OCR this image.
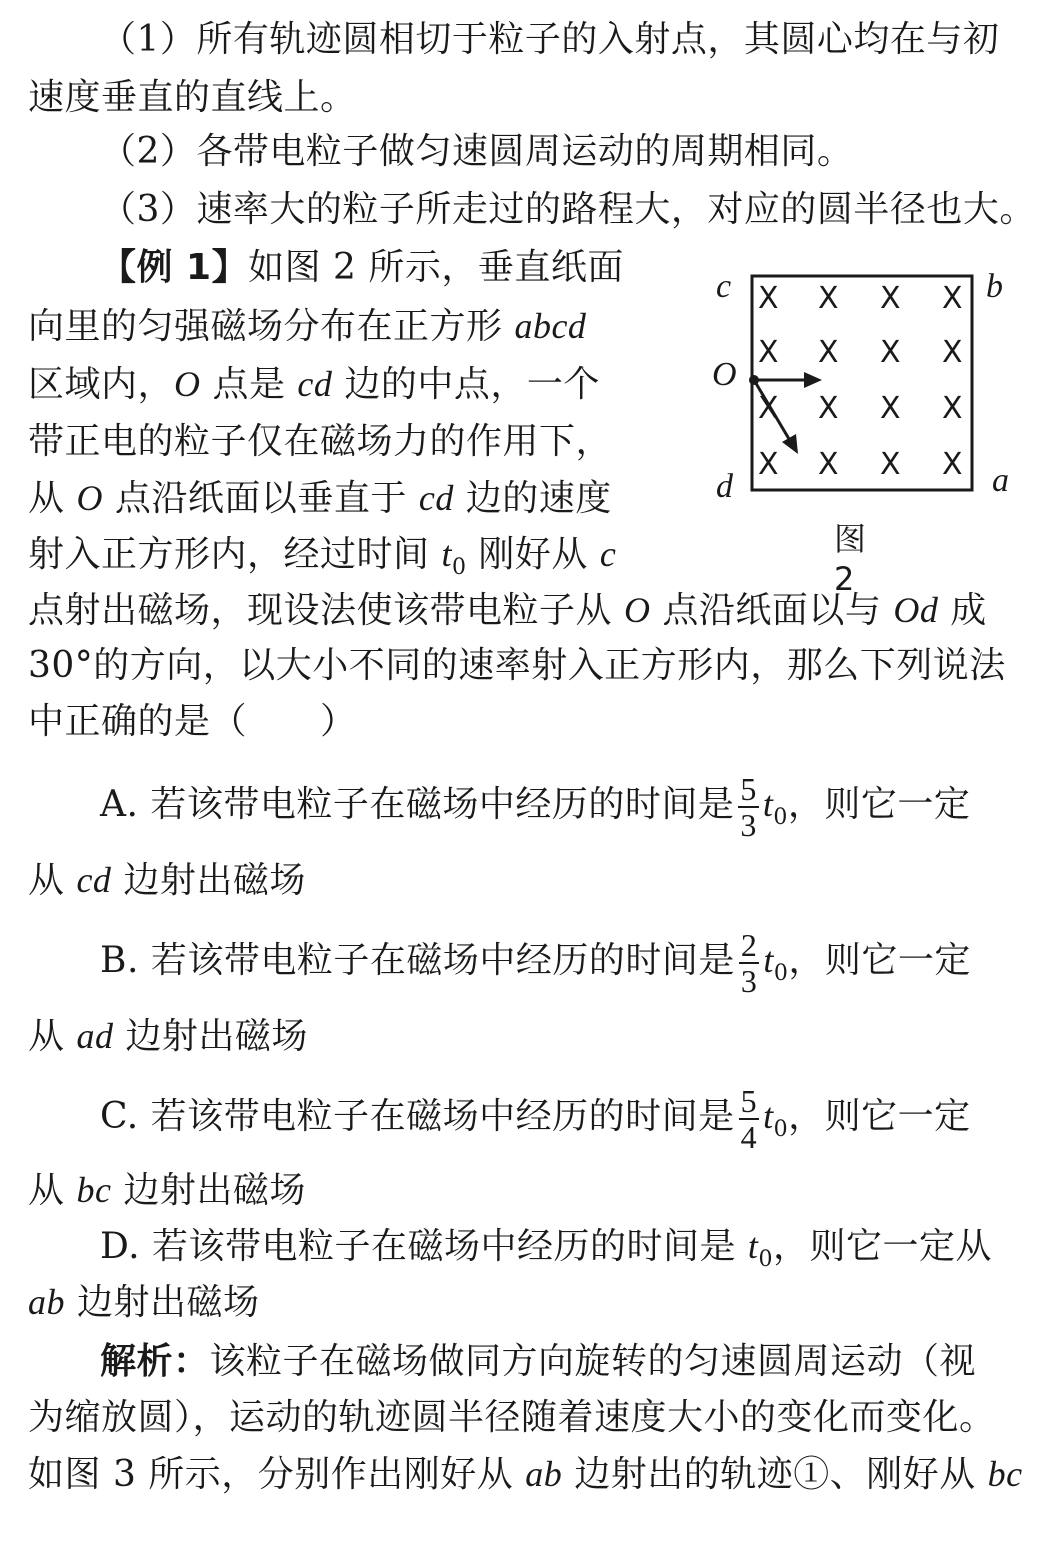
（1）所有轨迹圆相切于粒子的入射点，其圆心均在与初
速度垂直的直线上。
（2）各带电粒子做匀速圆周运动的周期相同。
（3）速率大的粒子所走过的路程大，对应的圆半径也大。
【例 1】如图 2 所示，垂直纸面
向里的匀强磁场分布在正方形 abcd
区域内，O 点是 cd 边的中点，一个
带正电的粒子仅在磁场力的作用下，
从 O 点沿纸面以垂直于 cd 边的速度
射入正方形内，经过时间 $t_0$ 刚好从 c
点射出磁场，现设法使该带电粒子从 O 点沿纸面以与 Od 成
30°的方向，以大小不同的速率射入正方形内，那么下列说法
中正确的是（　　）
c	b
O
d	a
X X X X
X X X X
X X X X
X X X X
图 2
A. 若该带电粒子在磁场中经历的时间是 $\frac{5}{3} t_0$，则它一定
从 cd 边射出磁场
B. 若该带电粒子在磁场中经历的时间是 $\frac{2}{3} t_0$，则它一定
从 ad 边射出磁场
C. 若该带电粒子在磁场中经历的时间是 $\frac{5}{4} t_0$，则它一定
从 bc 边射出磁场
D. 若该带电粒子在磁场中经历的时间是 $t_0$，则它一定从
ab 边射出磁场
解析：该粒子在磁场做同方向旋转的匀速圆周运动（视
为缩放圆），运动的轨迹圆半径随着速度大小的变化而变化。
如图 3 所示，分别作出刚好从 ab 边射出的轨迹①、刚好从 bc
